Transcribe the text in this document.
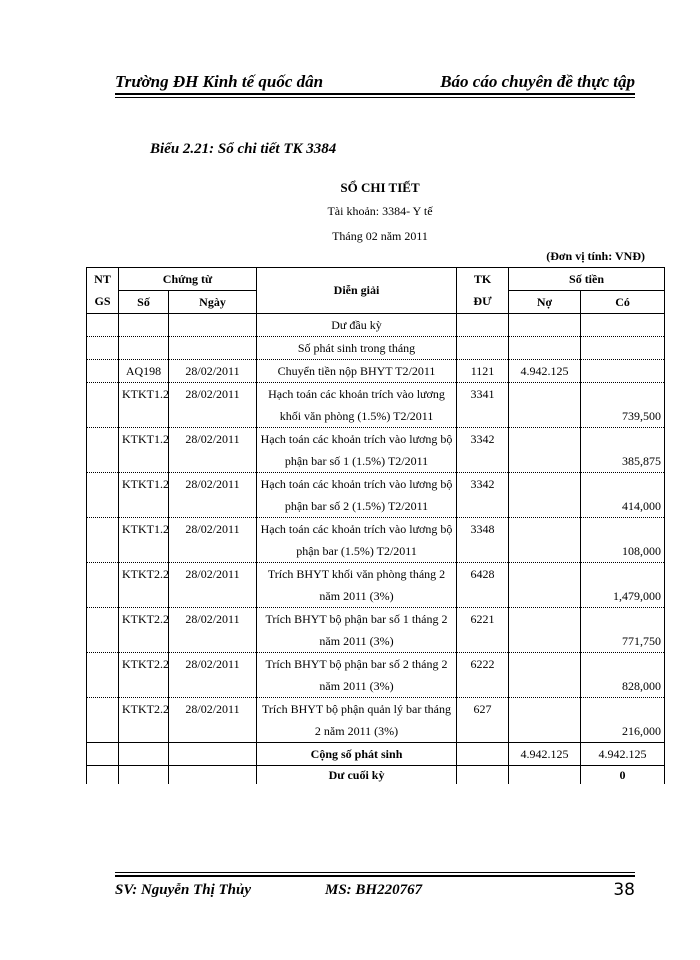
Trường ĐH Kinh tế quốc dân	Báo cáo chuyên đề thực tập
Biểu 2.21: Sổ chi tiết TK 3384
SỔ CHI TIẾT
Tài khoản: 3384- Y tế
Tháng 02 năm 2011
(Đơn vị tính: VNĐ)
NT	Chứng từ		Diễn giải	TK	Số tiền	
GS	Số	Ngày		ĐƯ	Nợ	Có
			Dư đầu kỳ			
			Số phát sinh trong tháng			
	AQ198	28/02/2011	Chuyển tiền nộp BHYT T2/2011	1121	4.942.125	
	KTKT1.2	28/02/2011	Hạch toán các khoản trích vào lương khối văn phòng (1.5%) T2/2011	3341		739,500
	KTKT1.2	28/02/2011	Hạch toán các khoản trích vào lương bộ phận bar số 1 (1.5%) T2/2011	3342		385,875
	KTKT1.2	28/02/2011	Hạch toán các khoản trích vào lương bộ phận bar số 2 (1.5%) T2/2011	3342		414,000
	KTKT1.2	28/02/2011	Hạch toán các khoản trích vào lương bộ phận bar (1.5%) T2/2011	3348		108,000
	KTKT2.2	28/02/2011	Trích BHYT khối văn phòng tháng 2 năm 2011 (3%)	6428		1,479,000
	KTKT2.2	28/02/2011	Trích BHYT bộ phận bar số 1 tháng 2 năm 2011 (3%)	6221		771,750
	KTKT2.2	28/02/2011	Trích BHYT bộ phận bar số 2 tháng 2 năm 2011 (3%)	6222		828,000
	KTKT2.2	28/02/2011	Trích BHYT bộ phận quản lý bar tháng 2 năm 2011 (3%)	627		216,000
			Cộng số phát sinh		4.942.125	4.942.125
			Dư cuối kỳ			0
SV: Nguyễn Thị Thủy	MS: BH220767	38
